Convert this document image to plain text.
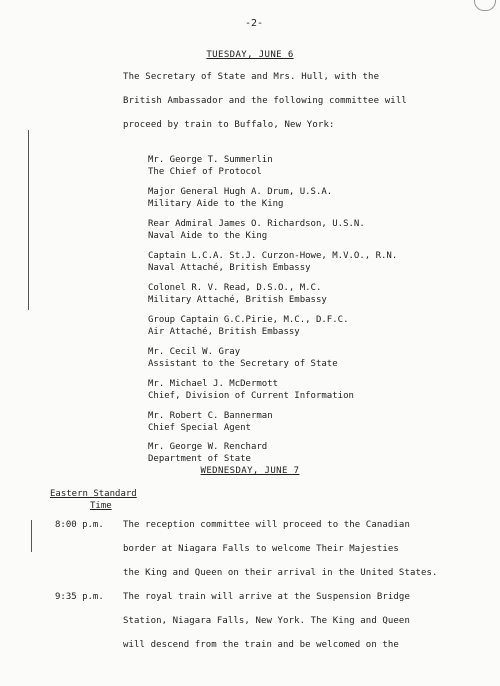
-2-
TUESDAY, JUNE 6
The Secretary of State and Mrs. Hull, with the
British Ambassador and the following committee will
proceed by train to Buffalo, New York:
Mr. George T. Summerlin
The Chief of Protocol
Major General Hugh A. Drum, U.S.A.
Military Aide to the King
Rear Admiral James O. Richardson, U.S.N.
Naval Aide to the King
Captain L.C.A. St.J. Curzon-Howe, M.V.O., R.N.
Naval Attaché, British Embassy
Colonel R. V. Read, D.S.O., M.C.
Military Attaché, British Embassy
Group Captain G.C.Pirie, M.C., D.F.C.
Air Attaché, British Embassy
Mr. Cecil W. Gray
Assistant to the Secretary of State
Mr. Michael J. McDermott
Chief, Division of Current Information
Mr. Robert C. Bannerman
Chief Special Agent
Mr. George W. Renchard
Department of State
WEDNESDAY, JUNE 7
Eastern Standard
Time
8:00 p.m. The reception committee will proceed to the Canadian
border at Niagara Falls to welcome Their Majesties
the King and Queen on their arrival in the United States.
9:35 p.m. The royal train will arrive at the Suspension Bridge
Station, Niagara Falls, New York. The King and Queen
will descend from the train and be welcomed on the
